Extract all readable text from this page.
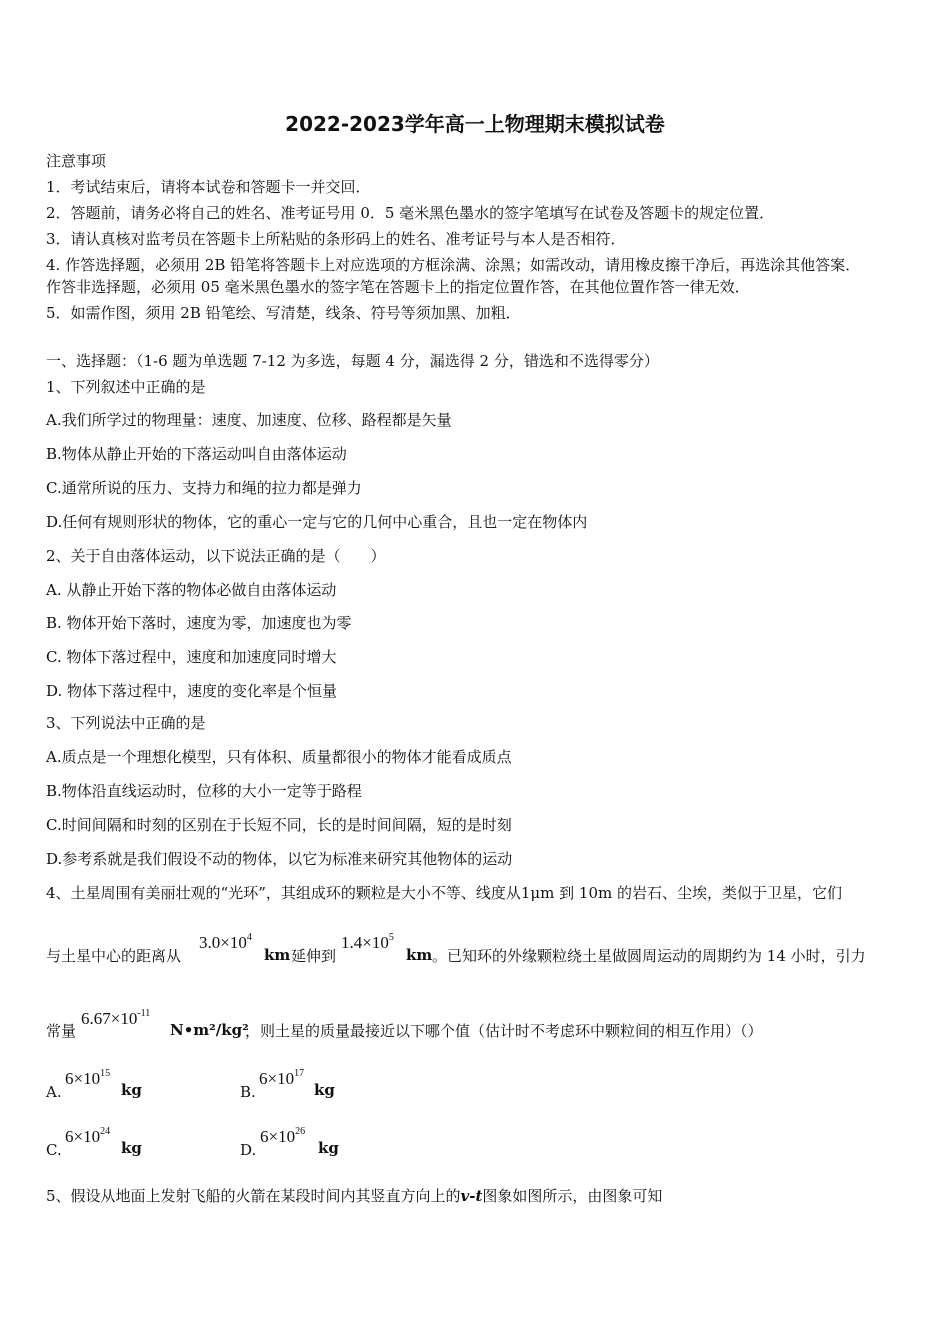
2022-2023学年高一上物理期末模拟试卷
注意事项
1．考试结束后，请将本试卷和答题卡一并交回．
2．答题前，请务必将自己的姓名、准考证号用 0．5 毫米黑色墨水的签字笔填写在试卷及答题卡的规定位置．
3．请认真核对监考员在答题卡上所粘贴的条形码上的姓名、准考证号与本人是否相符．
4. 作答选择题，必须用 2B 铅笔将答题卡上对应选项的方框涂满、涂黑；如需改动，请用橡皮擦干净后，再选涂其他答案．
作答非选择题，必须用 05 毫米黑色墨水的签字笔在答题卡上的指定位置作答，在其他位置作答一律无效．
5．如需作图，须用 2B 铅笔绘、写清楚，线条、符号等须加黑、加粗．
一、选择题：（1-6 题为单选题 7-12 为多选，每题 4 分，漏选得 2 分，错选和不选得零分）
1、下列叙述中正确的是
A.我们所学过的物理量：速度、加速度、位移、路程都是矢量
B.物体从静止开始的下落运动叫自由落体运动
C.通常所说的压力、支持力和绳的拉力都是弹力
D.任何有规则形状的物体，它的重心一定与它的几何中心重合，且也一定在物体内
2、关于自由落体运动，以下说法正确的是（　　）
A. 从静止开始下落的物体必做自由落体运动
B. 物体开始下落时，速度为零，加速度也为零
C. 物体下落过程中，速度和加速度同时增大
D. 物体下落过程中，速度的变化率是个恒量
3、下列说法中正确的是
A.质点是一个理想化模型，只有体积、质量都很小的物体才能看成质点
B.物体沿直线运动时，位移的大小一定等于路程
C.时间间隔和时刻的区别在于长短不同，长的是时间间隔，短的是时刻
D.参考系就是我们假设不动的物体，以它为标准来研究其他物体的运动
4、土星周围有美丽壮观的“光环”，其组成环的颗粒是大小不等、线度从1μm 到 10m 的岩石、尘埃，类似于卫星，它们
与土星中心的距离从
$3.0\times 10^4$
km 延伸到
$1.4\times 10^5$
km 。已知环的外缘颗粒绕土星做圆周运动的周期约为 14 小时，引力
常量
$6.67\times 10^{-11}$
N•m²/kg²
，则土星的质量最接近以下哪个值（估计时不考虑环中颗粒间的相互作用）（）
A.
$6\times 10^{15}$
kg	B.
$6\times 10^{17}$
kg
C.
$6\times 10^{24}$
kg	D.
$6\times 10^{26}$
kg
5、假设从地面上发射飞船的火箭在某段时间内其竖直方向上的v-t图象如图所示，由图象可知
